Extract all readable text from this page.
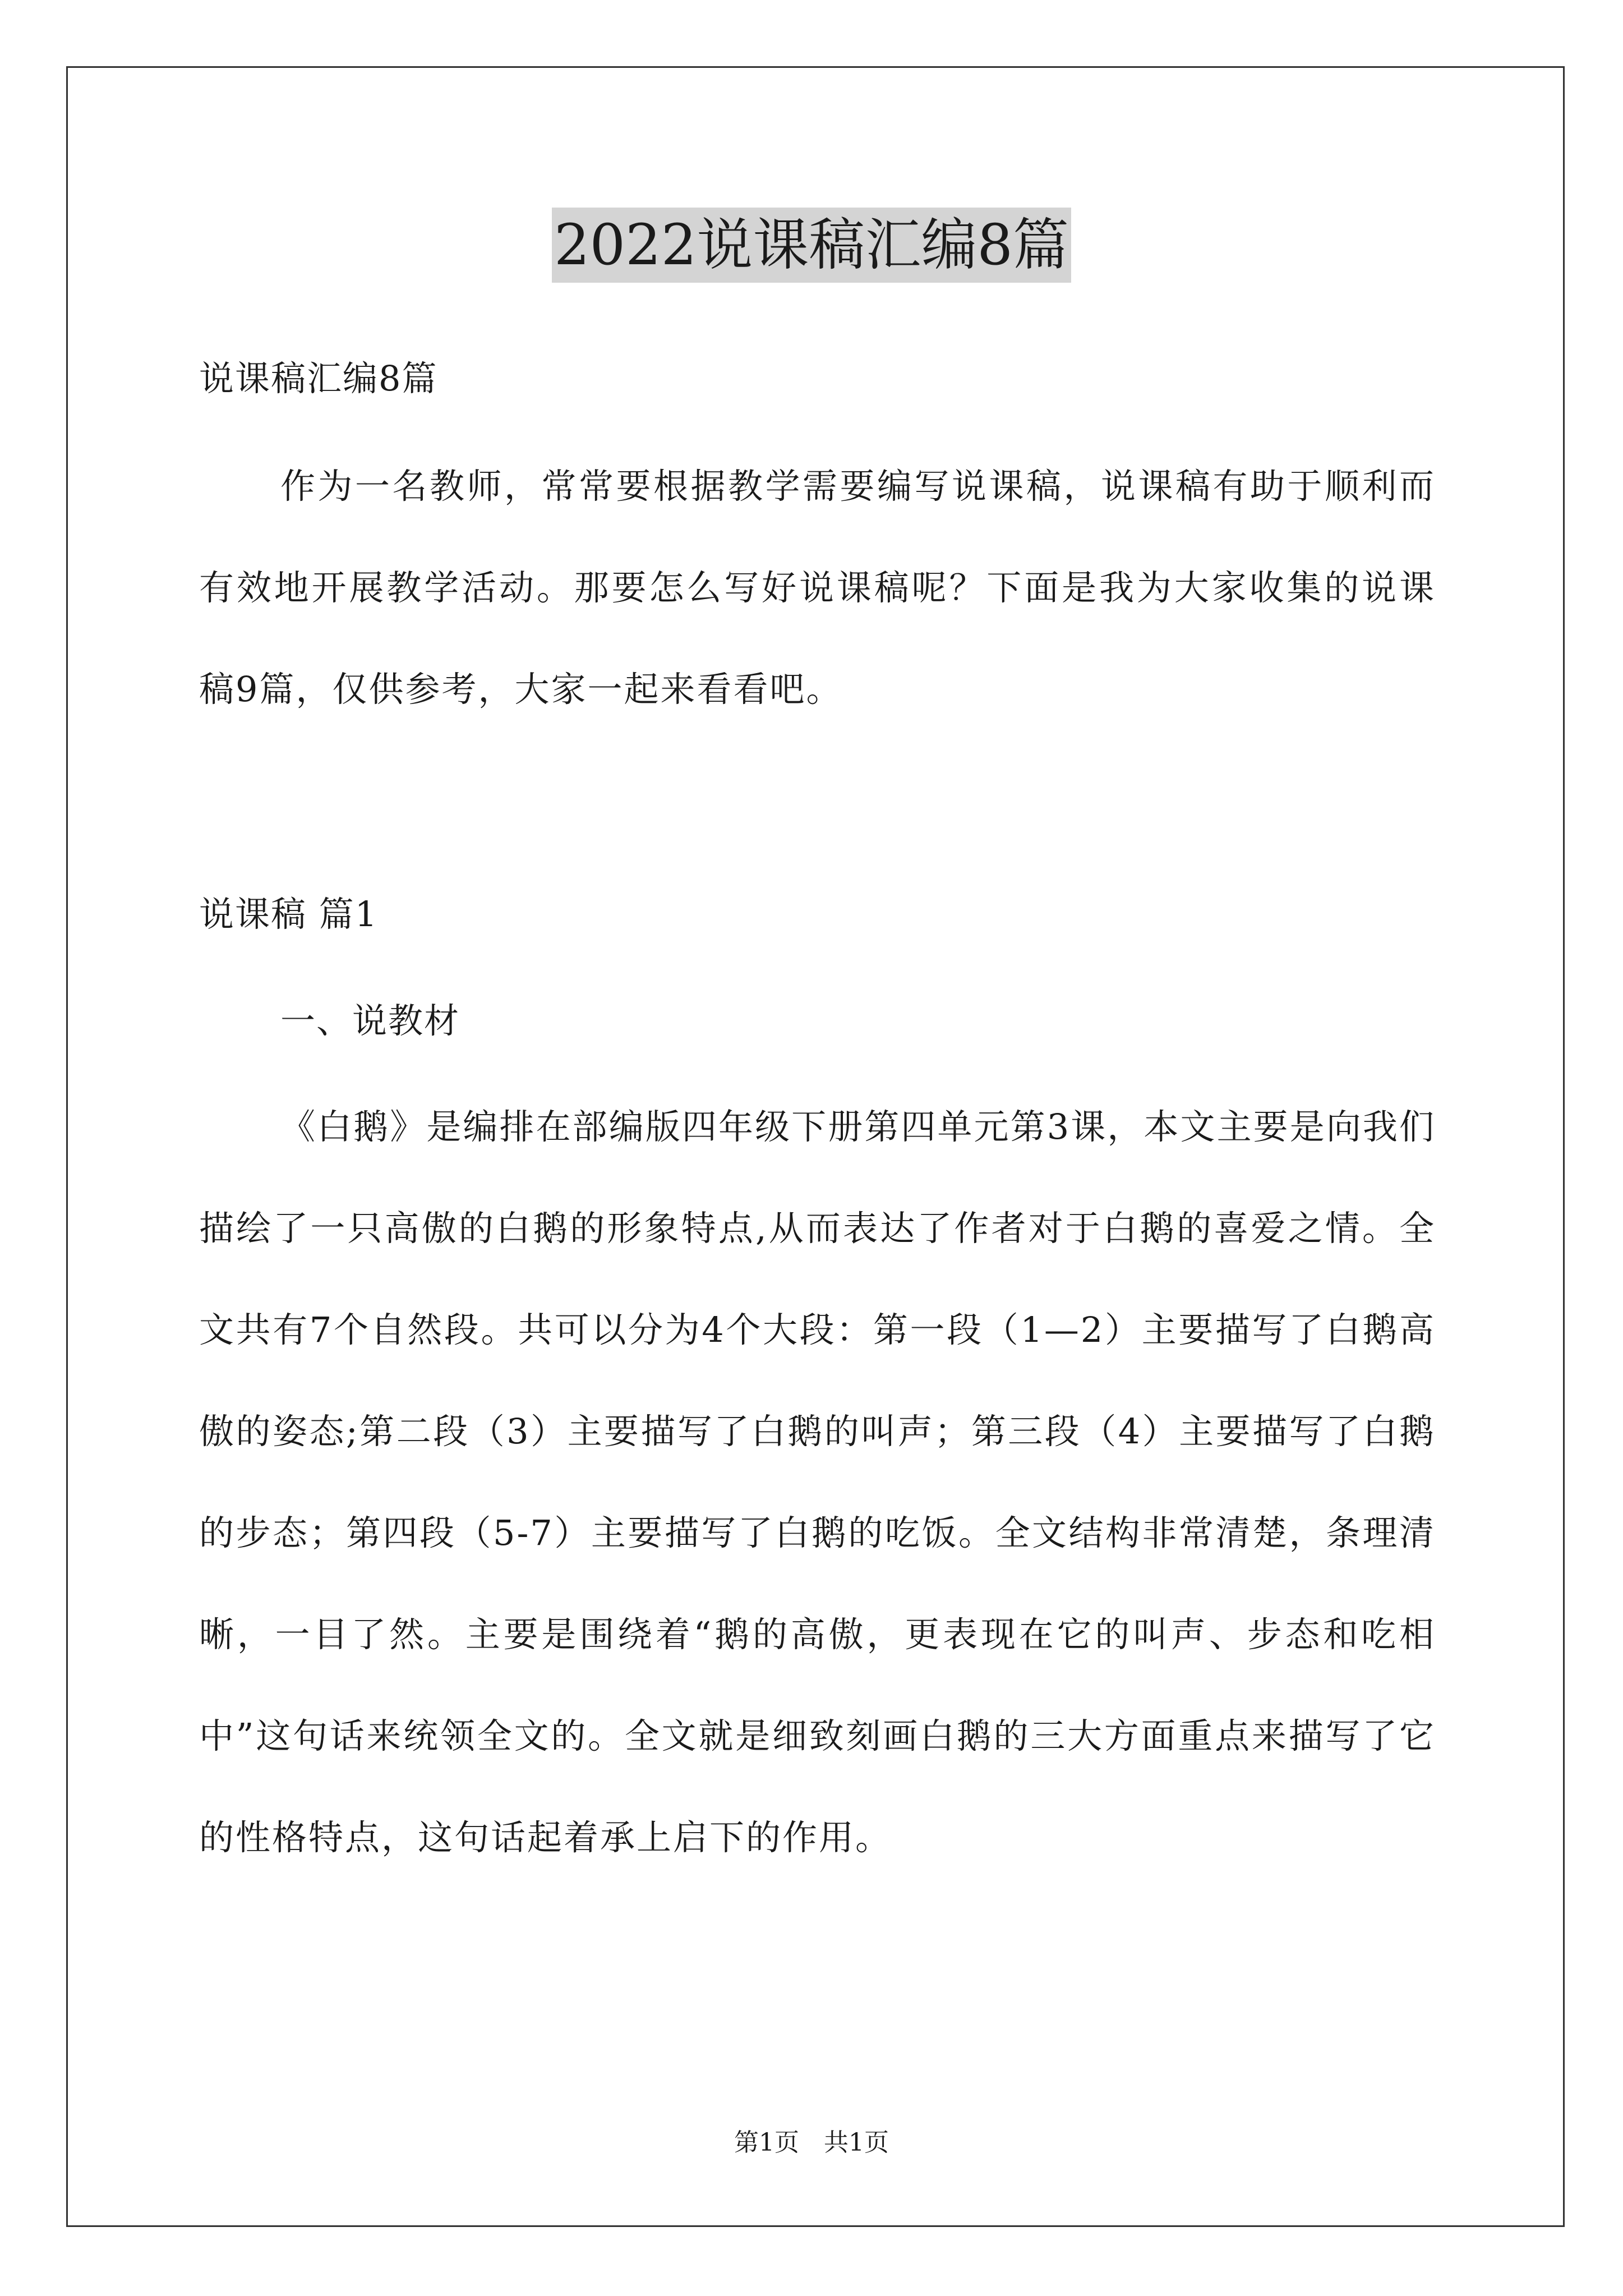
2022说课稿汇编8篇
说课稿汇编8篇
作为一名教师，常常要根据教学需要编写说课稿，说课稿有助于顺利而有效地开展教学活动。那要怎么写好说课稿呢？下面是我为大家收集的说课稿9篇，仅供参考，大家一起来看看吧。
说课稿 篇1
一、说教材
《白鹅》是编排在部编版四年级下册第四单元第3课，本文主要是向我们描绘了一只高傲的白鹅的形象特点,从而表达了作者对于白鹅的喜爱之情。全文共有7个自然段。共可以分为4个大段：第一段（1—2）主要描写了白鹅高傲的姿态;第二段（3）主要描写了白鹅的叫声；第三段（4）主要描写了白鹅的步态；第四段（5-7）主要描写了白鹅的吃饭。全文结构非常清楚，条理清晰，一目了然。主要是围绕着“鹅的高傲，更表现在它的叫声、步态和吃相中”这句话来统领全文的。全文就是细致刻画白鹅的三大方面重点来描写了它的性格特点，这句话起着承上启下的作用。
第1页　共1页
